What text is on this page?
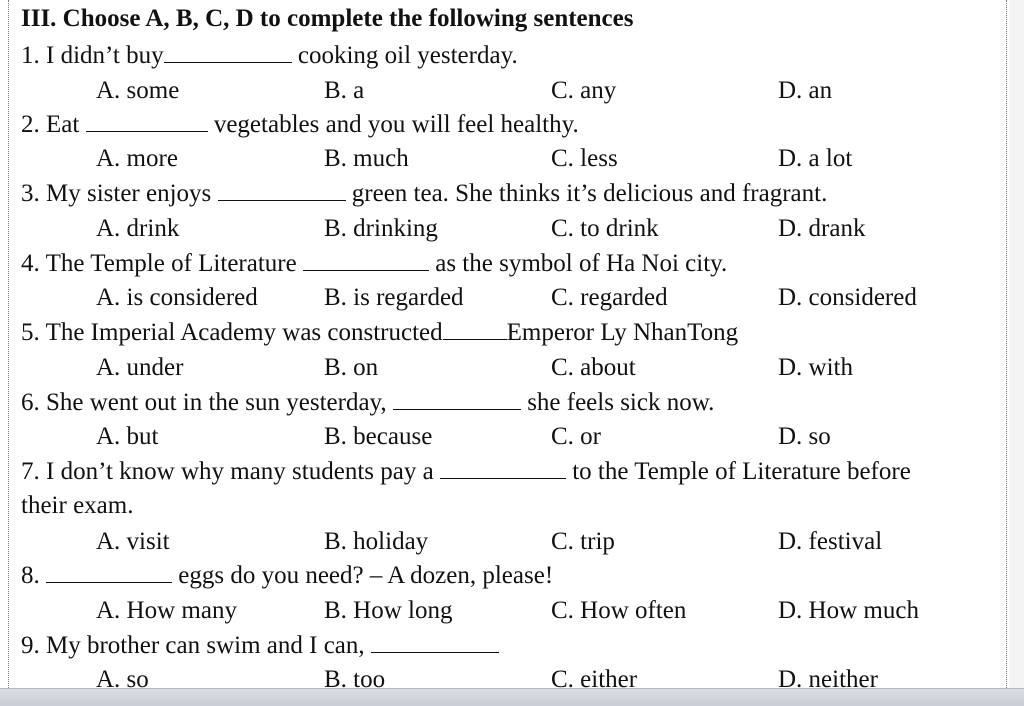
III. Choose A, B, C, D to complete the following sentences
1. I didn’t buy	cooking oil yesterday.
A. some	B. a	C. any	D. an
2. Eat	vegetables and you will feel healthy.
A. more	B. much	C. less	D. a lot
3. My sister enjoys	green tea. She thinks it’s delicious and fragrant.
A. drink	B. drinking	C. to drink	D. drank
4. The Temple of Literature	as the symbol of Ha Noi city.
A. is considered	B. is regarded	C. regarded	D. considered
5. The Imperial Academy was constructed	Emperor Ly NhanTong
A. under	B. on	C. about	D. with
6. She went out in the sun yesterday,	she feels sick now.
A. but	B. because	C. or	D. so
7. I don’t know why many students pay a	to the Temple of Literature before
their exam.
A. visit	B. holiday	C. trip	D. festival
8.	eggs do you need? – A dozen, please!
A. How many	B. How long	C. How often	D. How much
9. My brother can swim and I can,
A. so	B. too	C. either	D. neither
